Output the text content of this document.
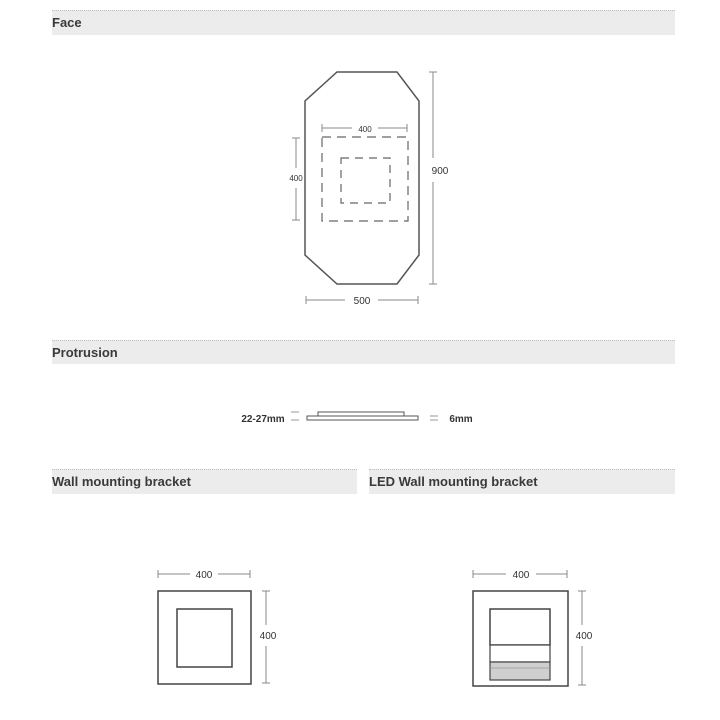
Face
Protrusion
Wall mounting bracket	LED Wall mounting bracket
400
400
900
500
22-27mm	6mm
400
400
400
400
